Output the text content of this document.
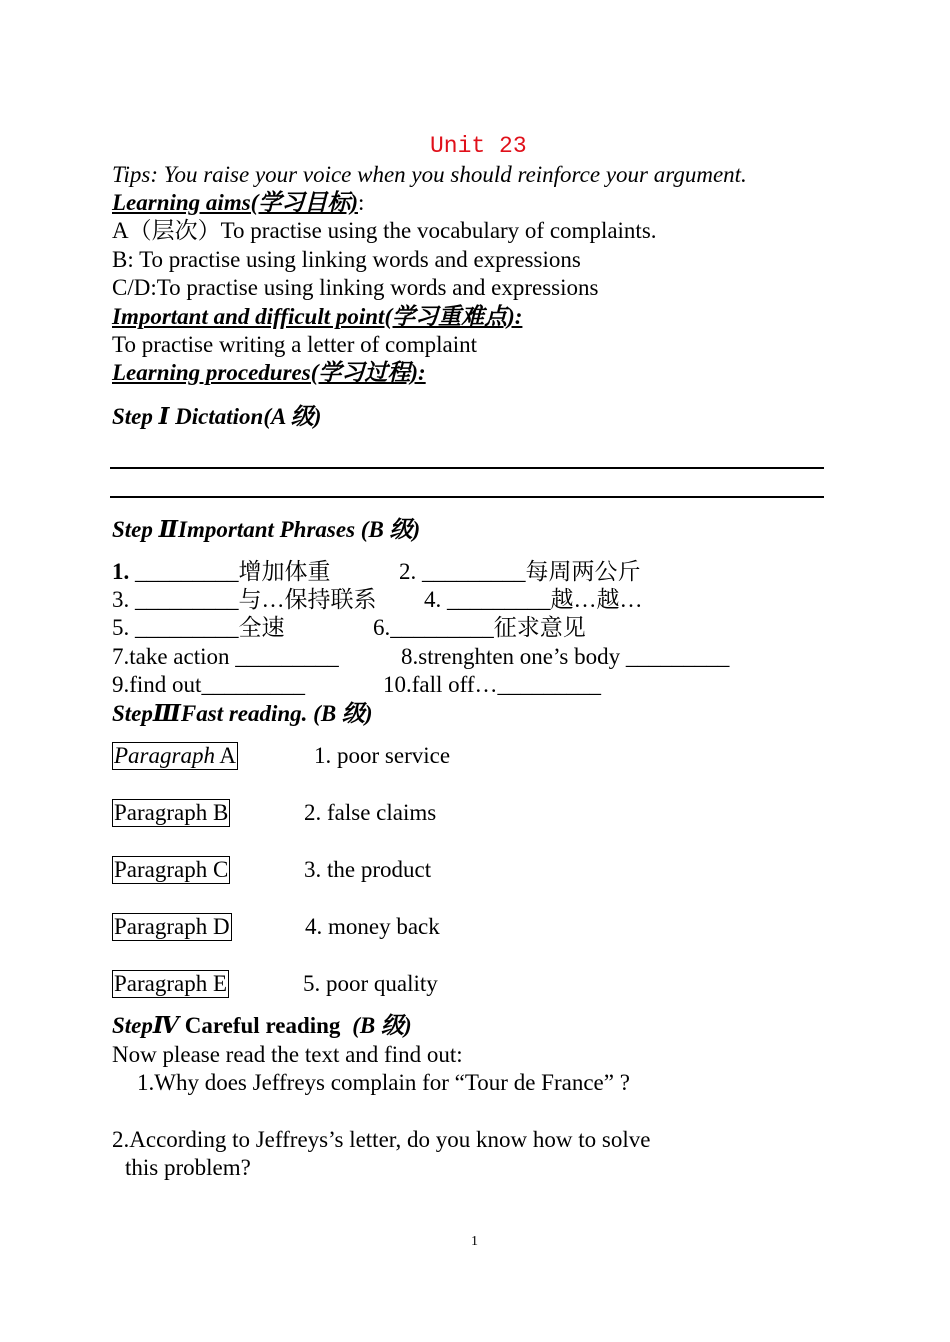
Unit 23
Tips: You raise your voice when you should reinforce your argument.
Learning aims(学习目标):
A（层次）To practise using the vocabulary of complaints.
B: To practise using linking words and expressions
C/D:To practise using linking words and expressions
Important and difficult point(学习重难点):
To practise writing a letter of complaint
Learning procedures(学习过程):
Step Ⅰ Dictation(A 级)
Step ⅡImportant Phrases (B 级)
1. _________增加体重	2. _________每周两公斤
3. _________与…保持联系 4. _________越…越…
5. _________全速	6._________征求意见
7.take action _________	8.strenghten one’s body _________
9.find out_________	10.fall off…_________
StepⅢFast reading. (B 级)
Paragraph A	1. poor service
Paragraph B	2. false claims
Paragraph C	3. the product
Paragraph D	4. money back
Paragraph E	5. poor quality
StepⅣ Careful reading (B 级)
Now please read the text and find out:
1.Why does Jeffreys complain for “Tour de France” ?
2.According to Jeffreys’s letter, do you know how to solve
this problem?
1
